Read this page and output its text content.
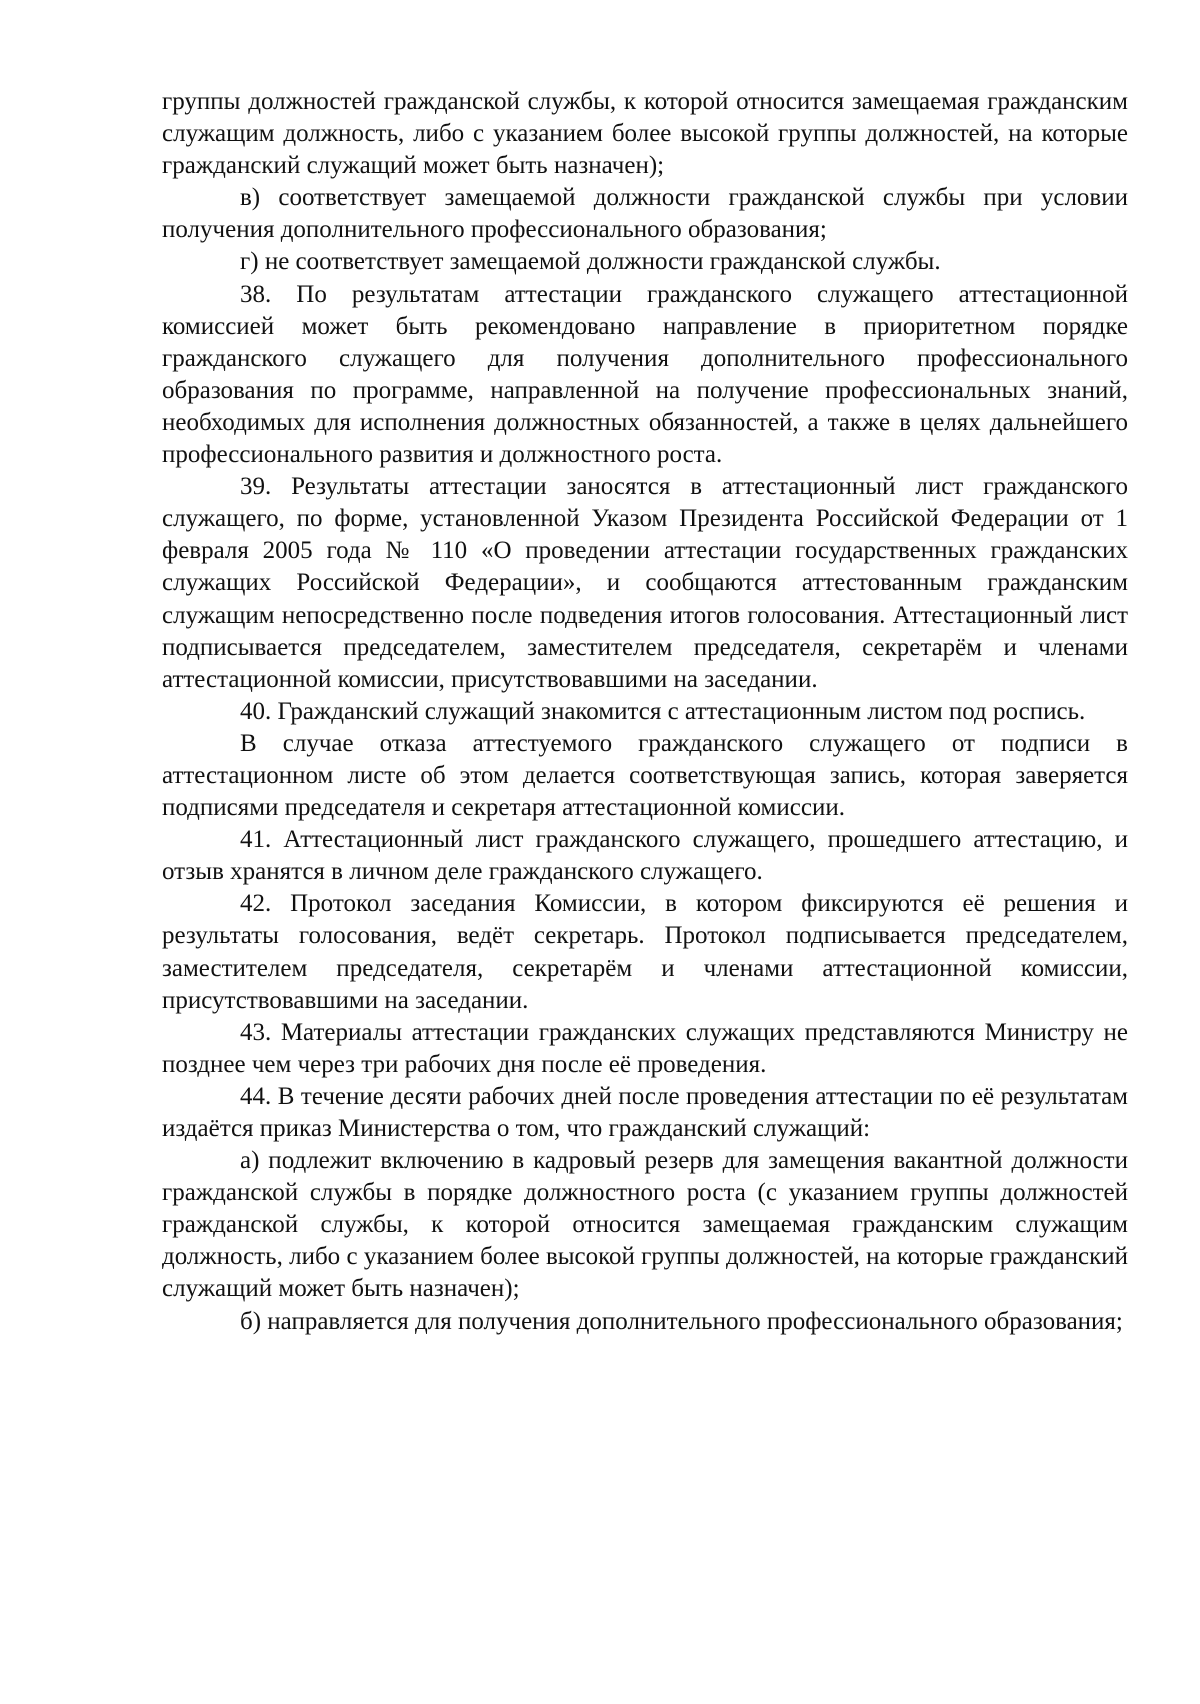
группы должностей гражданской службы, к которой относится замещаемая гражданским служащим должность, либо с указанием более высокой группы должностей, на которые гражданский служащий может быть назначен);

в) соответствует замещаемой должности гражданской службы при условии получения дополнительного профессионального образования;

г) не соответствует замещаемой должности гражданской службы.

38. По результатам аттестации гражданского служащего аттестационной комиссией может быть рекомендовано направление в приоритетном порядке гражданского служащего для получения дополнительного профессионального образования по программе, направленной на получение профессиональных знаний, необходимых для исполнения должностных обязанностей, а также в целях дальнейшего профессионального развития и должностного роста.

39. Результаты аттестации заносятся в аттестационный лист гражданского служащего, по форме, установленной Указом Президента Российской Федерации от 1 февраля 2005 года № 110 «О проведении аттестации государственных гражданских служащих Российской Федерации», и сообщаются аттестованным гражданским служащим непосредственно после подведения итогов голосования. Аттестационный лист подписывается председателем, заместителем председателя, секретарём и членами аттестационной комиссии, присутствовавшими на заседании.

40. Гражданский служащий знакомится с аттестационным листом под роспись.

В случае отказа аттестуемого гражданского служащего от подписи в аттестационном листе об этом делается соответствующая запись, которая заверяется подписями председателя и секретаря аттестационной комиссии.

41. Аттестационный лист гражданского служащего, прошедшего аттестацию, и отзыв хранятся в личном деле гражданского служащего.

42. Протокол заседания Комиссии, в котором фиксируются её решения и результаты голосования, ведёт секретарь. Протокол подписывается председателем, заместителем председателя, секретарём и членами аттестационной комиссии, присутствовавшими на заседании.

43. Материалы аттестации гражданских служащих представляются Министру не позднее чем через три рабочих дня после её проведения.

44. В течение десяти рабочих дней после проведения аттестации по её результатам издаётся приказ Министерства о том, что гражданский служащий:

а) подлежит включению в кадровый резерв для замещения вакантной должности гражданской службы в порядке должностного роста (с указанием группы должностей гражданской службы, к которой относится замещаемая гражданским служащим должность, либо с указанием более высокой группы должностей, на которые гражданский служащий может быть назначен);

б) направляется для получения дополнительного профессионального образования;
